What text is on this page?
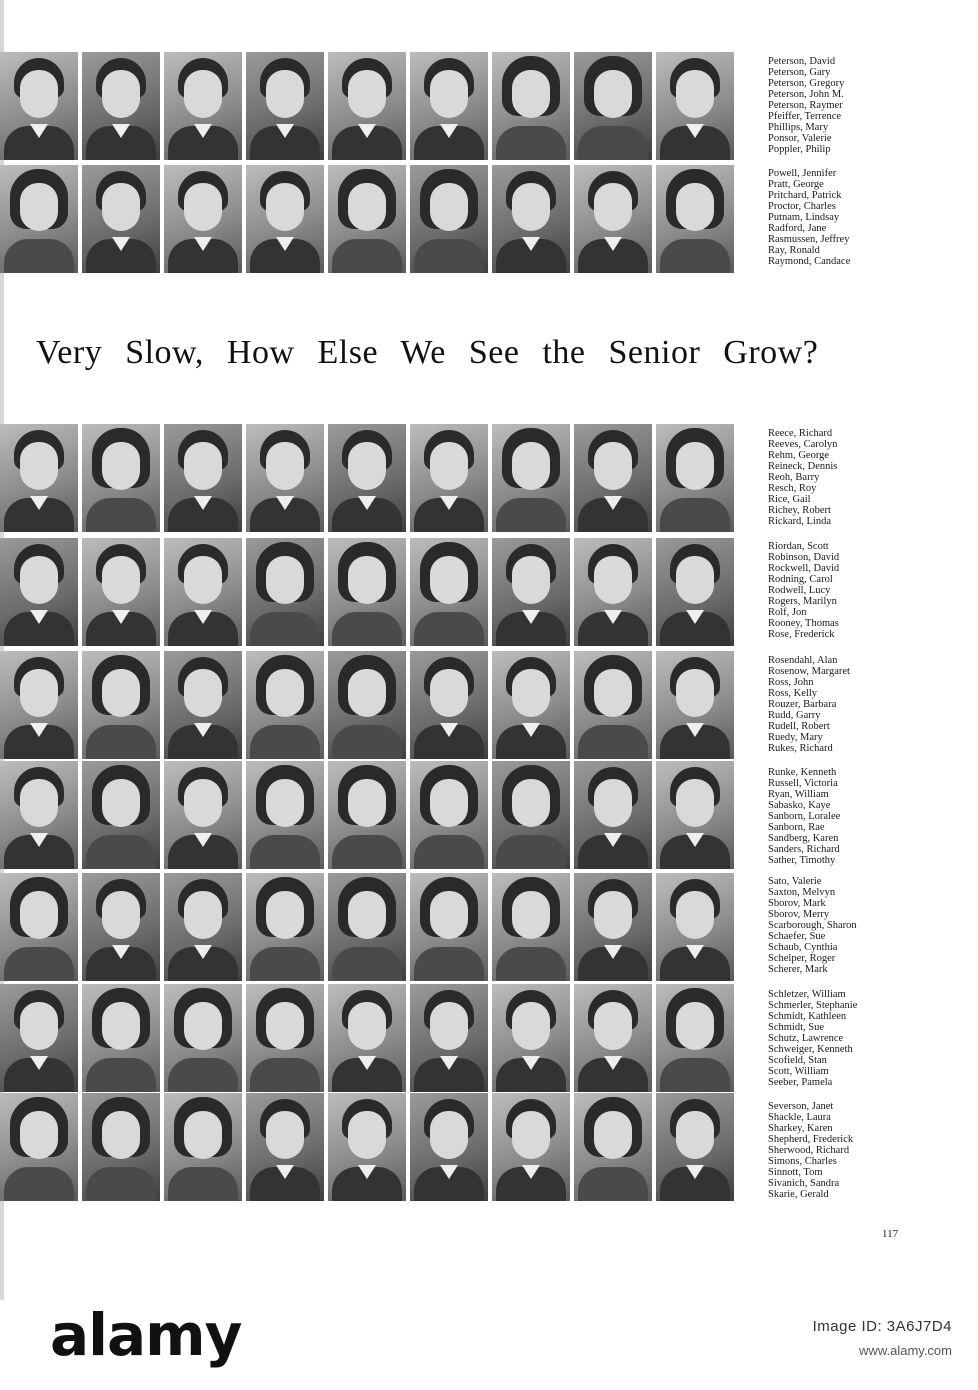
Peterson, David
Peterson, Gary
Peterson, Gregory
Peterson, John M.
Peterson, Raymer
Pfeiffer, Terrence
Phillips, Mary
Ponsor, Valerie
Poppler, Philip
Powell, Jennifer
Pratt, George
Pritchard, Patrick
Proctor, Charles
Putnam, Lindsay
Radford, Jane
Rasmussen, Jeffrey
Ray, Ronald
Raymond, Candace
Very Slow, How Else We See the Senior Grow?
Reece, Richard
Reeves, Carolyn
Rehm, George
Reineck, Dennis
Reoh, Barry
Resch, Roy
Rice, Gail
Richey, Robert
Rickard, Linda
Riordan, Scott
Robinson, David
Rockwell, David
Rodning, Carol
Rodwell, Lucy
Rogers, Marilyn
Rolf, Jon
Rooney, Thomas
Rose, Frederick
Rosendahl, Alan
Rosenow, Margaret
Ross, John
Ross, Kelly
Rouzer, Barbara
Rudd, Garry
Rudell, Robert
Ruedy, Mary
Rukes, Richard
Runke, Kenneth
Russell, Victoria
Ryan, William
Sabasko, Kaye
Sanborn, Loralee
Sanborn, Rae
Sandberg, Karen
Sanders, Richard
Sather, Timothy
Sato, Valerie
Saxton, Melvyn
Sborov, Mark
Sborov, Merry
Scarborough, Sharon
Schaefer, Sue
Schaub, Cynthia
Schelper, Roger
Scherer, Mark
Schletzer, William
Schmerler, Stephanie
Schmidt, Kathleen
Schmidt, Sue
Schutz, Lawrence
Schweiger, Kenneth
Scofield, Stan
Scott, William
Seeber, Pamela
Severson, Janet
Shackle, Laura
Sharkey, Karen
Shepherd, Frederick
Sherwood, Richard
Simons, Charles
Sinnott, Tom
Sivanich, Sandra
Skarie, Gerald
117
alamy	Image ID: 3A6J7D4
www.alamy.com
